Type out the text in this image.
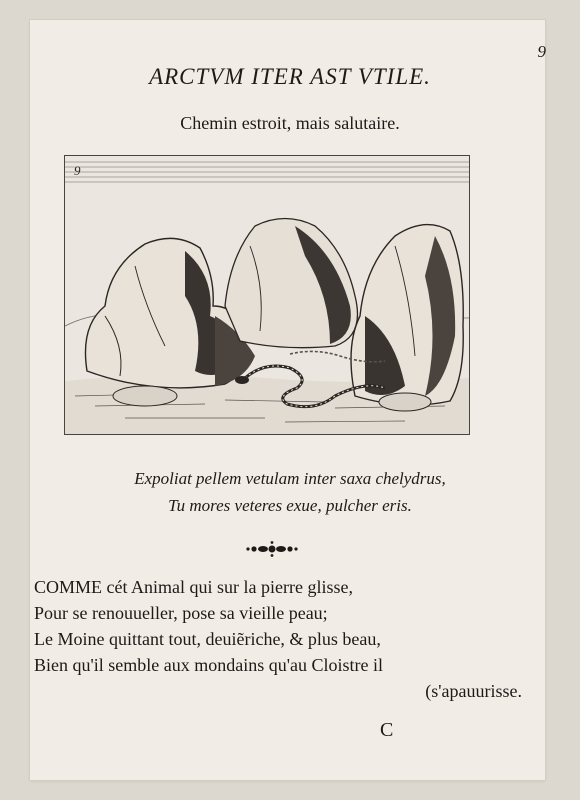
9
ARCTVM ITER AST VTILE.
Chemin estroit, mais salutaire.
9
Expoliat pellem vetulam inter saxa chelydrus,
Tu mores veteres exue, pulcher eris.
COMME cét Animal qui sur la pierre glisse,
Pour se renouueller, pose sa vieille peau;
Le Moine quittant tout, deuiẽriche, & plus beau,
Bien qu'il semble aux mondains qu'au Cloistre il
(s'apauurisse.
C
